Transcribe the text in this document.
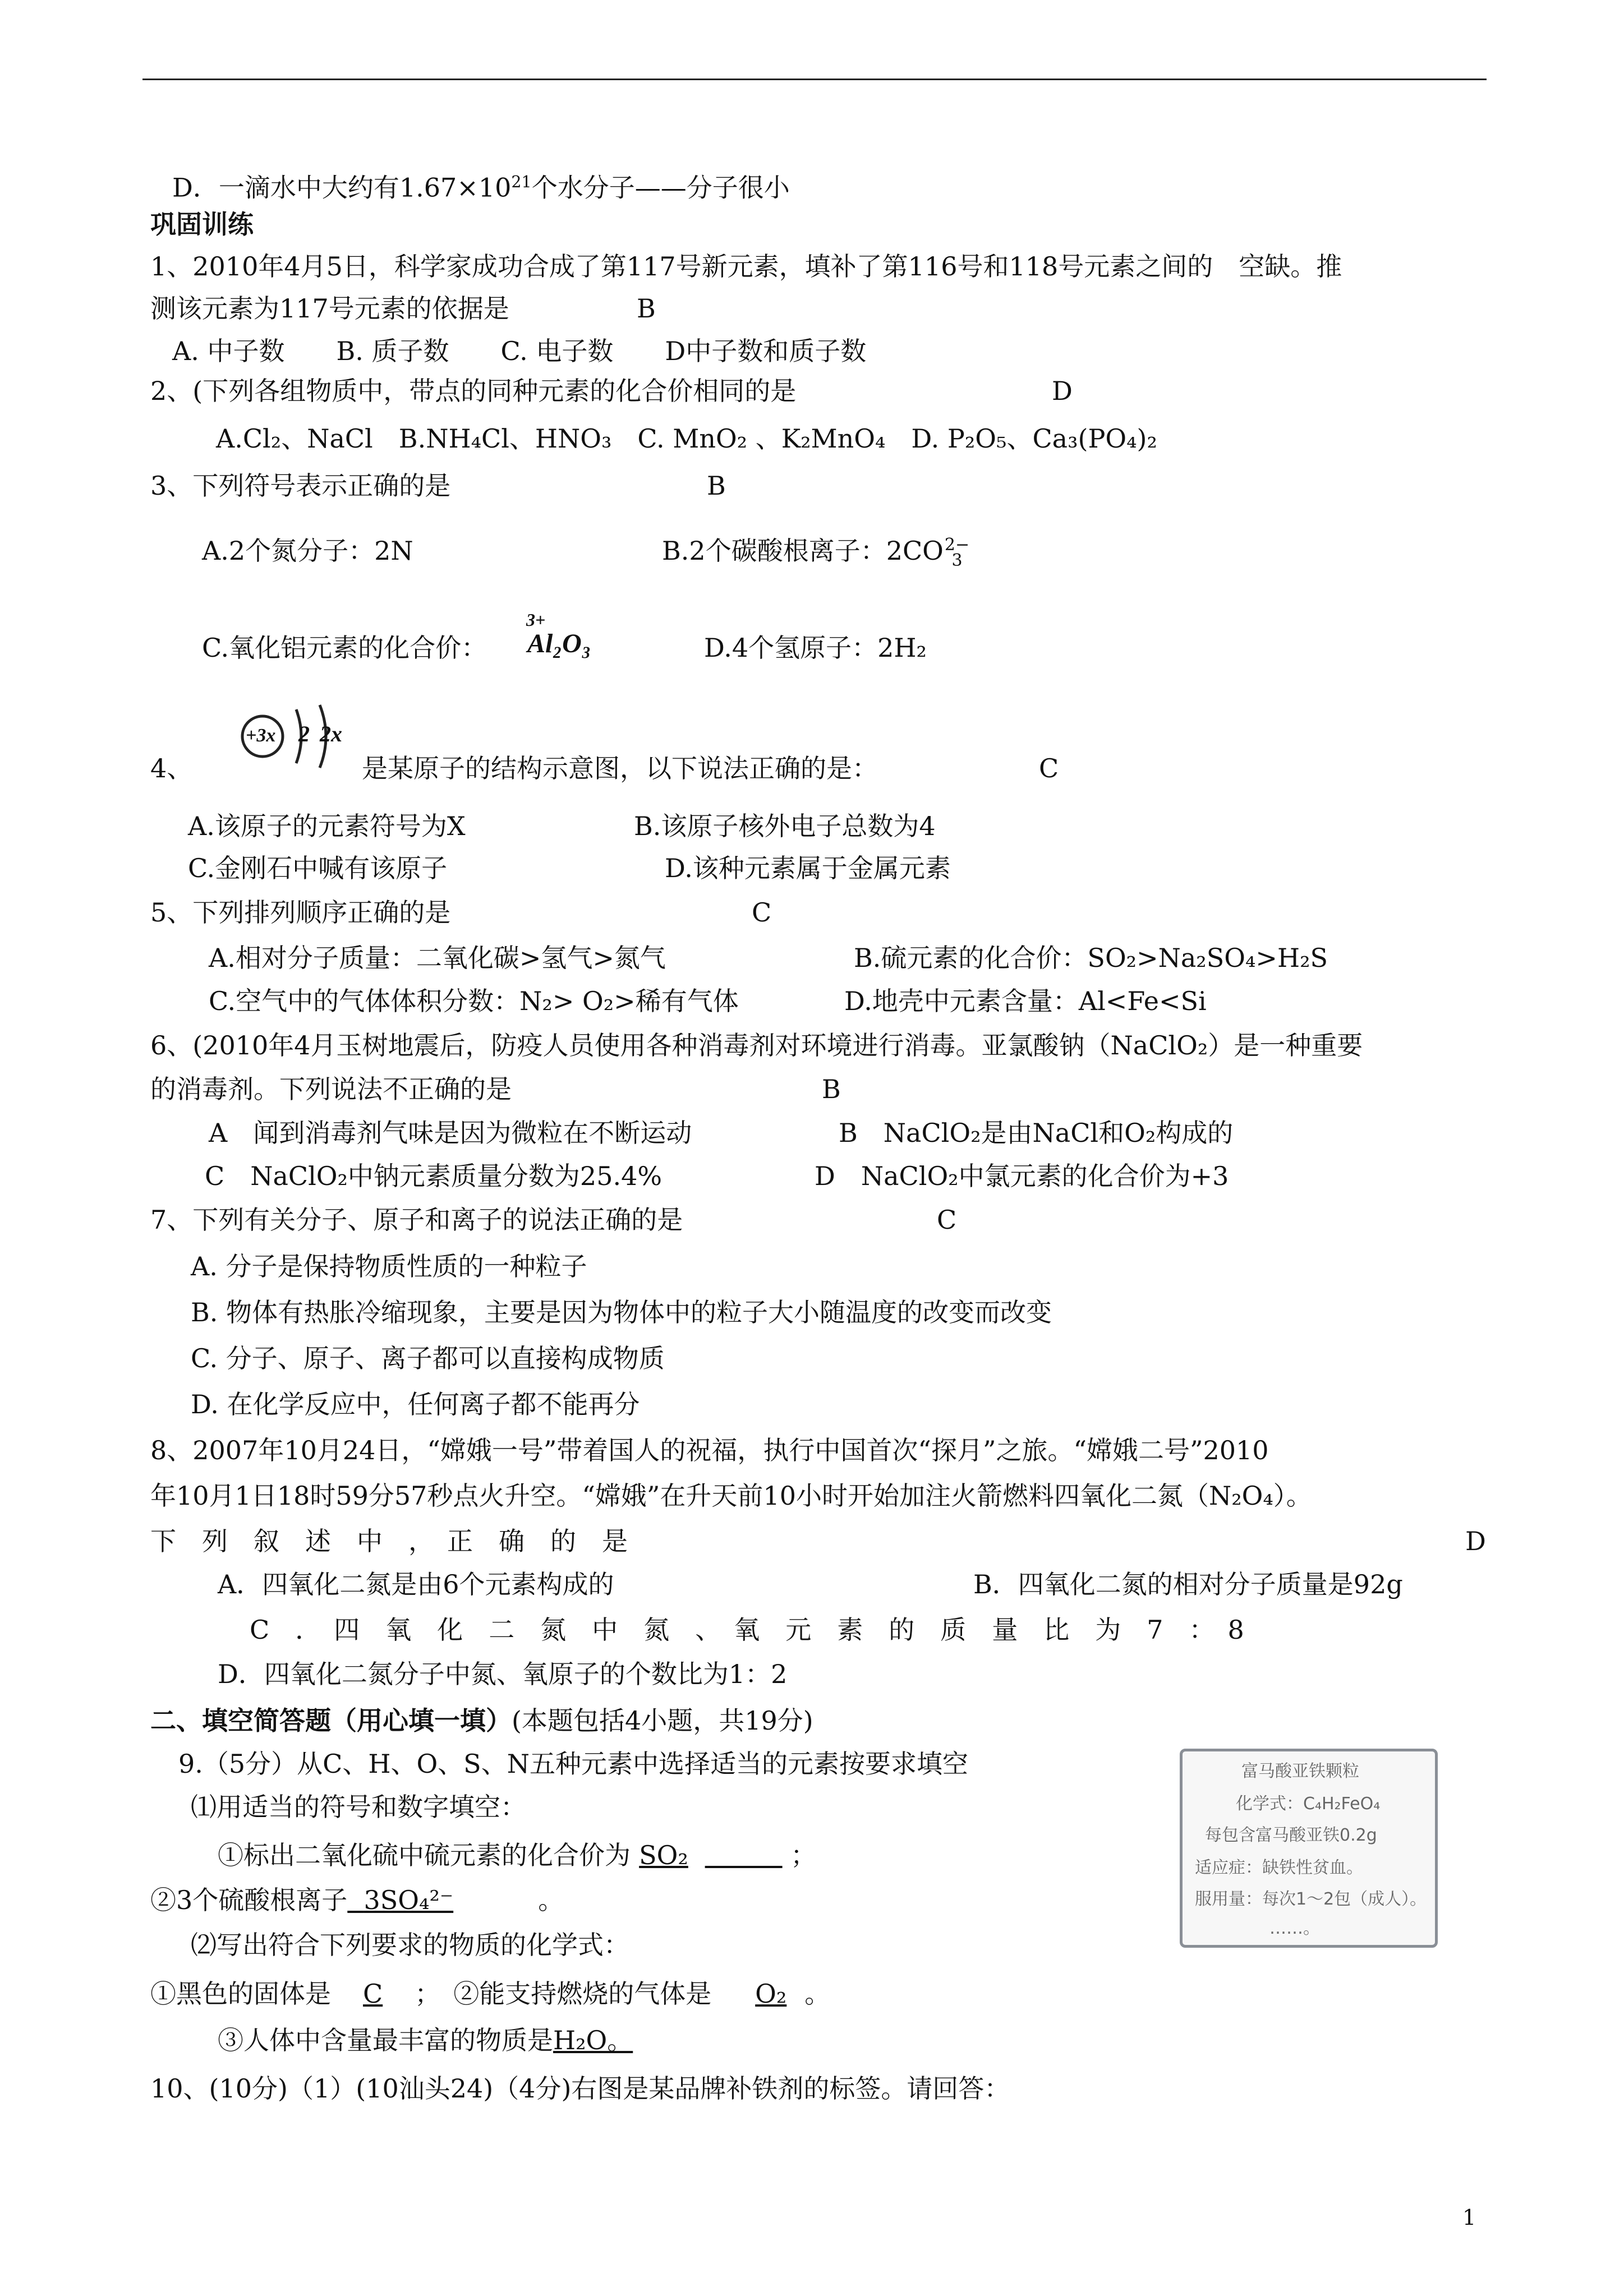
D．一滴水中大约有$1.67\times 10^{21}$个水分子——分子很小
巩固训练
1、2010年4月5日，科学家成功合成了第117号新元素，填补了第116号和118号元素之间的　空缺。推
测该元素为117号元素的依据是	B
A. 中子数　　B. 质子数　　C. 电子数　　D中子数和质子数
2、(下列各组物质中，带点的同种元素的化合价相同的是	D
A.Cl₂、NaCl　B.NH₄Cl、HNO₃　C. MnO₂ 、K₂MnO₄　D. P₂O₅、Ca₃(PO₄)₂
3、下列符号表示正确的是	B
A.2个氮分子：2N	B.2个碳酸根离子：2CO 2−
3
C.氧化铝元素的化合价：
3+
Al₂O₃	D.4个氢原子：2H₂
4、
+3x 2 2x
是某原子的结构示意图，以下说法正确的是：	C
A.该原子的元素符号为X	B.该原子核外电子总数为4
C.金刚石中喊有该原子	D.该种元素属于金属元素
5、下列排列顺序正确的是	C
A.相对分子质量：二氧化碳>氢气>氮气	B.硫元素的化合价：SO₂>Na₂SO₄>H₂S
C.空气中的气体体积分数：N₂> O₂>稀有气体	D.地壳中元素含量：Al<Fe<Si
6、(2010年4月玉树地震后，防疫人员使用各种消毒剂对环境进行消毒。亚氯酸钠（NaClO₂）是一种重要
的消毒剂。下列说法不正确的是	B
A　闻到消毒剂气味是因为微粒在不断运动	B　NaClO₂是由NaCl和O₂构成的
C　NaClO₂中钠元素质量分数为25.4%	D　NaClO₂中氯元素的化合价为+3
7、下列有关分子、原子和离子的说法正确的是	C
A. 分子是保持物质性质的一种粒子
B. 物体有热胀冷缩现象，主要是因为物体中的粒子大小随温度的改变而改变
C. 分子、原子、离子都可以直接构成物质
D. 在化学反应中，任何离子都不能再分
8、2007年10月24日，“嫦娥一号”带着国人的祝福，执行中国首次“探月”之旅。“嫦娥二号”2010
年10月1日18时59分57秒点火升空。“嫦娥”在升天前10小时开始加注火箭燃料四氧化二氮（N₂O₄）。
下　列　叙　述　中　，　正　确　的　是	D
A．四氧化二氮是由6个元素构成的	B．四氧化二氮的相对分子质量是92g
C　．　四　氧　化　二　氮　中　氮　、　氧　元　素　的　质　量　比　为　7　：　8
D．四氧化二氮分子中氮、氧原子的个数比为1：2
二、填空简答题（用心填一填）(本题包括4小题，共19分)
9.（5分）从C、H、O、S、N五种元素中选择适当的元素按要求填空
⑴用适当的符号和数字填空：
①标出二氧化硫中硫元素的化合价为 SO₂ 　　　	；
②3个硫酸根离子 3SO₄²⁻	。
⑵写出符合下列要求的物质的化学式：
①黑色的固体是 C ；　②能支持燃烧的气体是　 O₂ 。
③人体中含量最丰富的物质是H₂O。
10、(10分)（1）(10汕头24)（4分)右图是某品牌补铁剂的标签。请回答：
富马酸亚铁颗粒
化学式：C₄H₂FeO₄
每包含富马酸亚铁0.2g
适应症：缺铁性贫血。
服用量：每次1～2包（成人）。
……。
1
